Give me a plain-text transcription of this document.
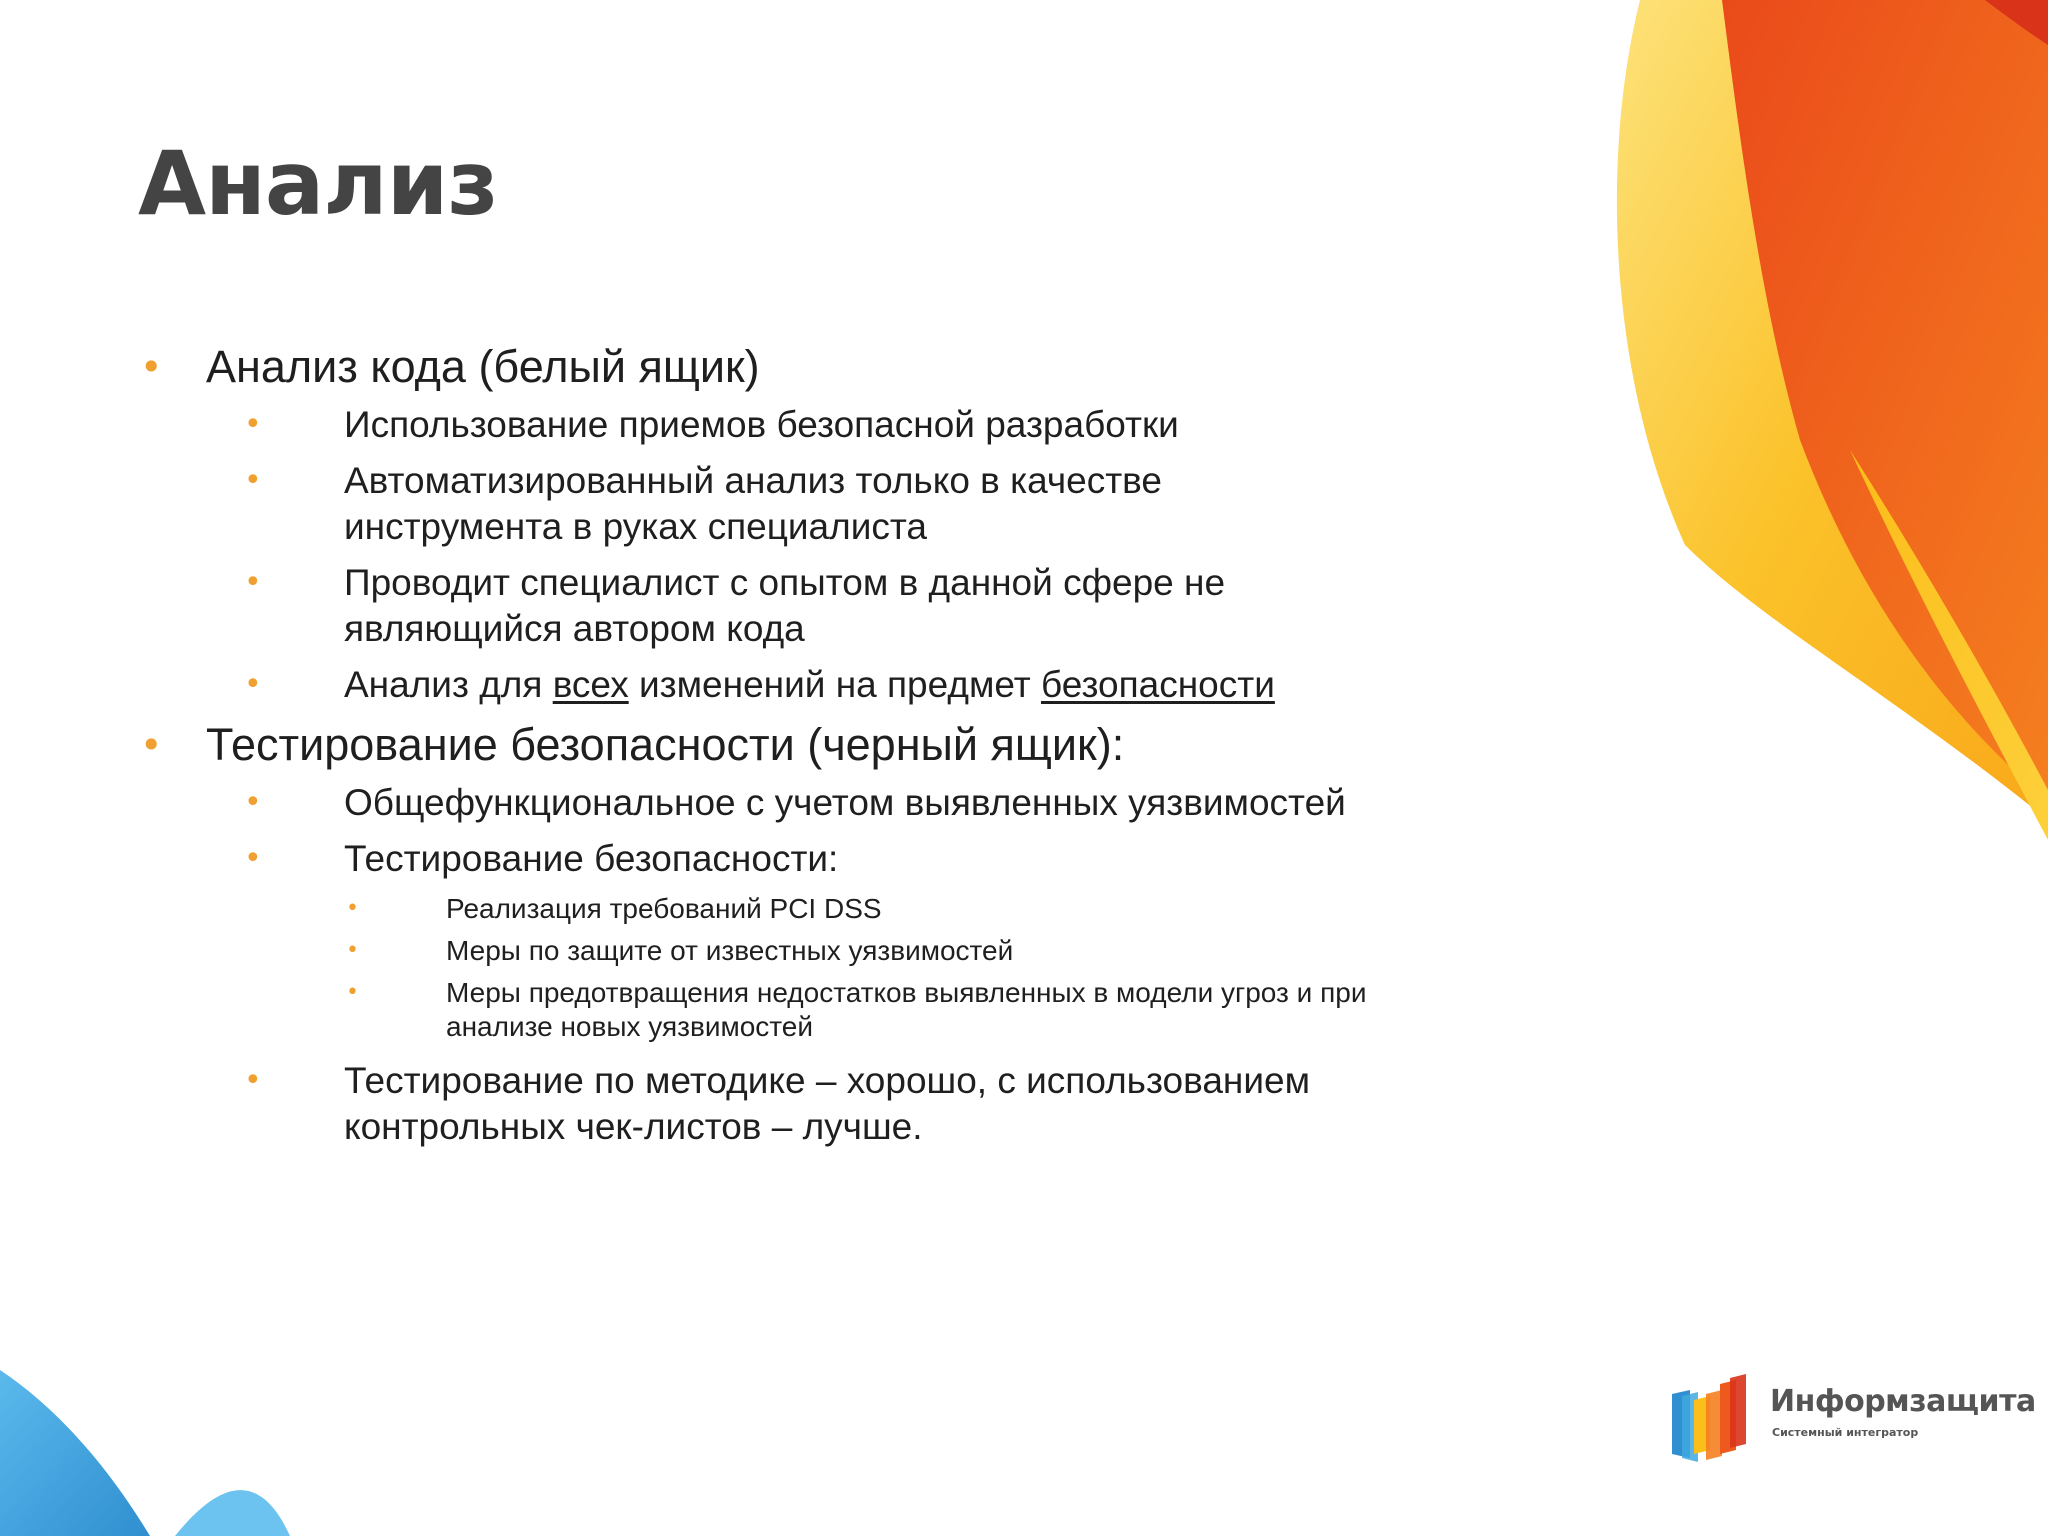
Анализ
• Анализ кода (белый ящик)
•	Использование приемов безопасной разработки
•	Автоматизированный анализ только в качестве инструмента в руках специалиста
•	Проводит специалист с опытом в данной сфере не являющийся автором кода
•	Анализ для всех изменений на предмет безопасности
• Тестирование безопасности (черный ящик):
•	Общефункциональное с учетом выявленных уязвимостей
•	Тестирование безопасности:
•	Реализация требований PCI DSS
•	Меры по защите от известных уязвимостей
•	Меры предотвращения недостатков выявленных в модели угроз и при анализе новых уязвимостей
•	Тестирование по методике – хорошо, с использованием контрольных чек-листов – лучше.
Информзащита
Системный интегратор
